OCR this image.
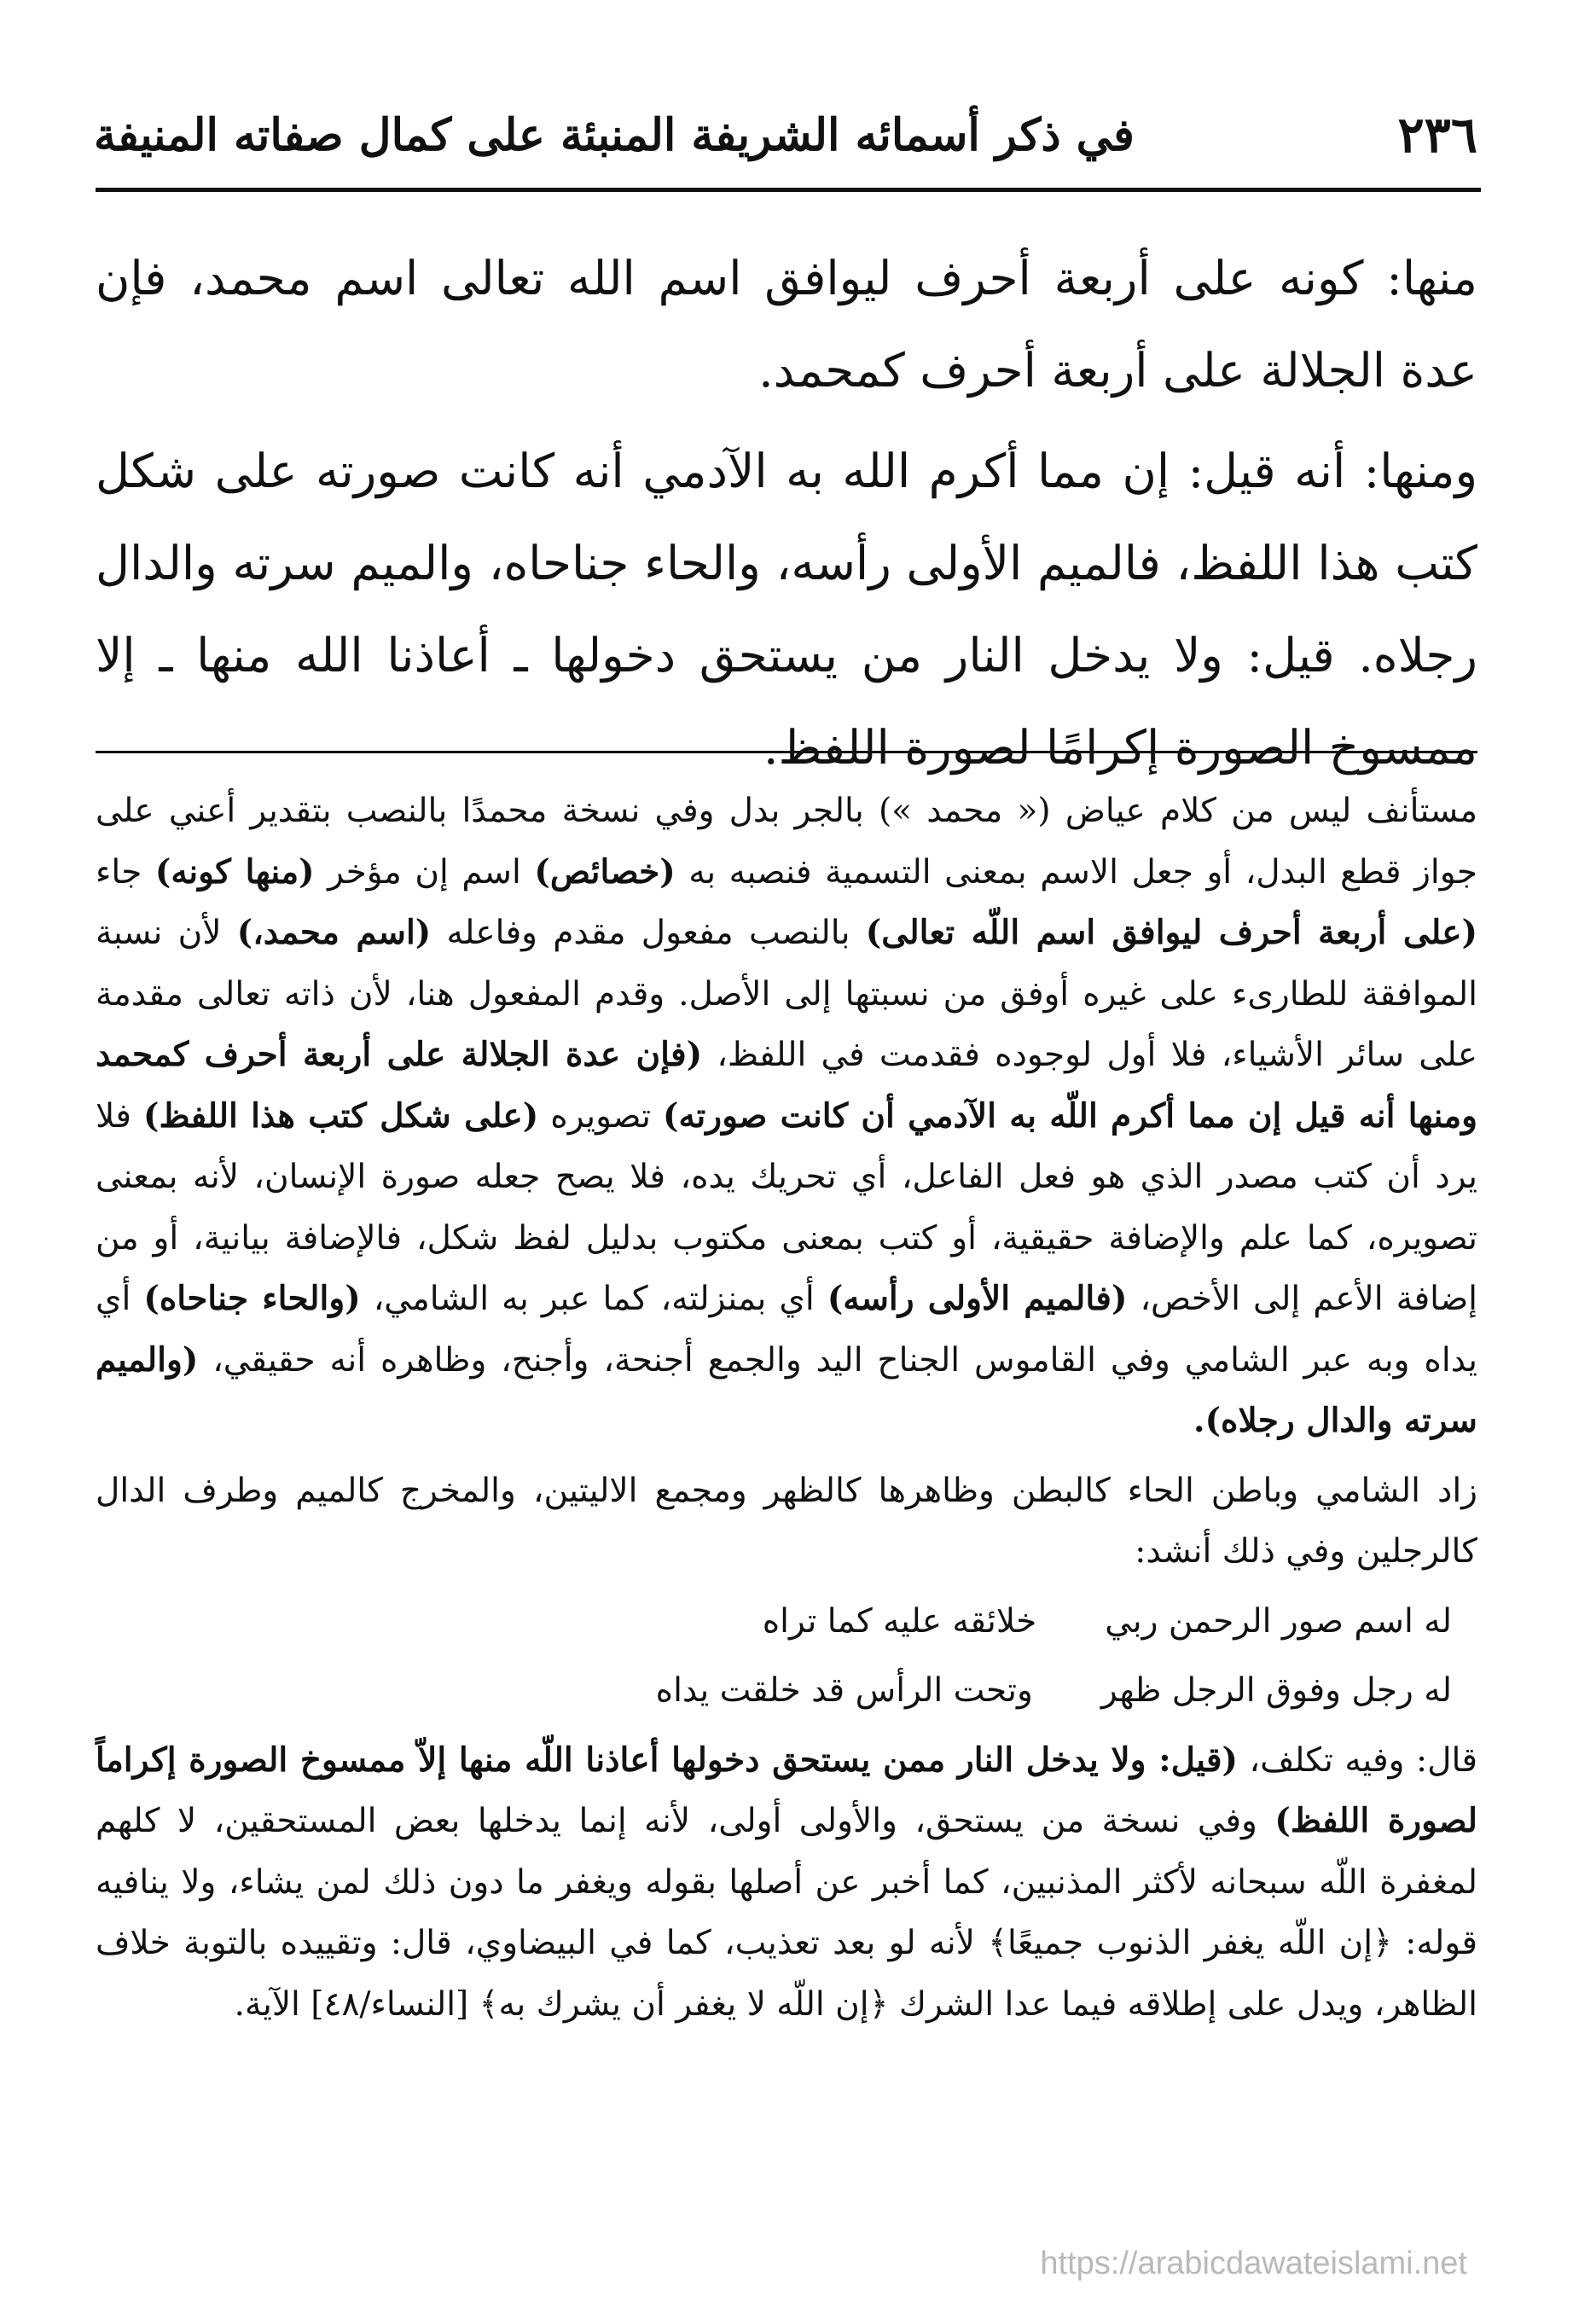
٢٣٦
في ذكر أسمائه الشريفة المنبئة على كمال صفاته المنيفة

منها: كونه على أربعة أحرف ليوافق اسم الله تعالى اسم محمد، فإن عدة الجلالة على أربعة أحرف كمحمد.

ومنها: أنه قيل: إن مما أكرم الله به الآدمي أنه كانت صورته على شكل كتب هذا اللفظ، فالميم الأولى رأسه، والحاء جناحاه، والميم سرته والدال رجلاه. قيل: ولا يدخل النار من يستحق دخولها ـ أعاذنا الله منها ـ إلا ممسوخ الصورة إكرامًا لصورة اللفظ.

مستأنف ليس من كلام عياض (« محمد ») بالجر بدل وفي نسخة محمدًا بالنصب بتقدير أعني على جواز قطع البدل، أو جعل الاسم بمعنى التسمية فنصبه به (خصائص) اسم إن مؤخر (منها كونه) جاء (على أربعة أحرف ليوافق اسم اللّه تعالى) بالنصب مفعول مقدم وفاعله (اسم محمد،) لأن نسبة الموافقة للطارىء على غيره أوفق من نسبتها إلى الأصل. وقدم المفعول هنا، لأن ذاته تعالى مقدمة على سائر الأشياء، فلا أول لوجوده فقدمت في اللفظ، (فإن عدة الجلالة على أربعة أحرف كمحمد ومنها أنه قيل إن مما أكرم اللّه به الآدمي أن كانت صورته) تصويره (على شكل كتب هذا اللفظ) فلا يرد أن كتب مصدر الذي هو فعل الفاعل، أي تحريك يده، فلا يصح جعله صورة الإنسان، لأنه بمعنى تصويره، كما علم والإضافة حقيقية، أو كتب بمعنى مكتوب بدليل لفظ شكل، فالإضافة بيانية، أو من إضافة الأعم إلى الأخص، (فالميم الأولى رأسه) أي بمنزلته، كما عبر به الشامي، (والحاء جناحاه) أي يداه وبه عبر الشامي وفي القاموس الجناح اليد والجمع أجنحة، وأجنح، وظاهره أنه حقيقي، (والميم سرته والدال رجلاه).

زاد الشامي وباطن الحاء كالبطن وظاهرها كالظهر ومجمع الاليتين، والمخرج كالميم وطرف الدال كالرجلين وفي ذلك أنشد:

له اسم صور الرحمن ربي
خلائقه عليه كما تراه
له رجل وفوق الرجل ظهر
وتحت الرأس قد خلقت يداه

قال: وفيه تكلف، (قيل: ولا يدخل النار ممن يستحق دخولها أعاذنا اللّه منها إلاّ ممسوخ الصورة إكراماً لصورة اللفظ) وفي نسخة من يستحق، والأولى أولى، لأنه إنما يدخلها بعض المستحقين، لا كلهم لمغفرة اللّه سبحانه لأكثر المذنبين، كما أخبر عن أصلها بقوله ويغفر ما دون ذلك لمن يشاء، ولا ينافيه قوله: ﴿إن اللّه يغفر الذنوب جميعًا﴾ لأنه لو بعد تعذيب، كما في البيضاوي، قال: وتقييده بالتوبة خلاف الظاهر، ويدل على إطلاقه فيما عدا الشرك ﴿إن اللّه لا يغفر أن يشرك به﴾ [النساء/٤٨] الآية.

https://arabicdawateislami.net
